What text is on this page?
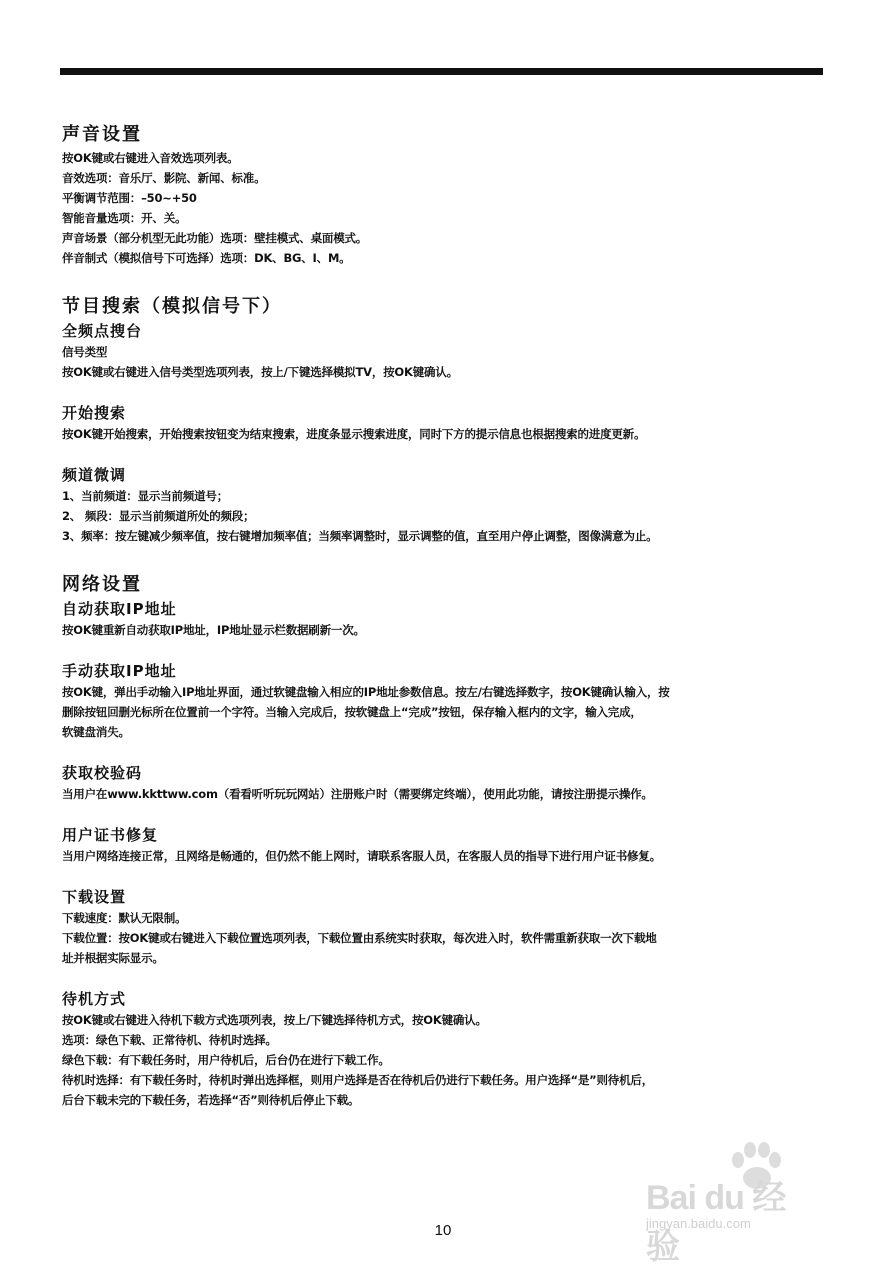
声音设置
按OK键或右键进入音效选项列表。
音效选项：音乐厅、影院、新闻、标准。
平衡调节范围：–50~+50
智能音量选项：开、关。
声音场景（部分机型无此功能）选项：壁挂模式、桌面模式。
伴音制式（模拟信号下可选择）选项：DK、BG、I、M。
节目搜索（模拟信号下）
全频点搜台
信号类型
按OK键或右键进入信号类型选项列表，按上/下键选择模拟TV，按OK键确认。
开始搜索
按OK键开始搜索，开始搜索按钮变为结束搜索，进度条显示搜索进度，同时下方的提示信息也根据搜索的进度更新。
频道微调
1、当前频道：显示当前频道号；
2、 频段：显示当前频道所处的频段；
3、频率：按左键减少频率值，按右键增加频率值；当频率调整时，显示调整的值，直至用户停止调整，图像满意为止。
网络设置
自动获取IP地址
按OK键重新自动获取IP地址，IP地址显示栏数据刷新一次。
手动获取IP地址
按OK键，弹出手动输入IP地址界面，通过软键盘输入相应的IP地址参数信息。按左/右键选择数字，按OK键确认输入，按
删除按钮回删光标所在位置前一个字符。当输入完成后，按软键盘上“完成”按钮，保存输入框内的文字，输入完成，
软键盘消失。
获取校验码
当用户在www.kkttww.com（看看听听玩玩网站）注册账户时（需要绑定终端），使用此功能，请按注册提示操作。
用户证书修复
当用户网络连接正常，且网络是畅通的，但仍然不能上网时，请联系客服人员，在客服人员的指导下进行用户证书修复。
下载设置
下载速度：默认无限制。
下载位置：按OK键或右键进入下载位置选项列表，下载位置由系统实时获取，每次进入时，软件需重新获取一次下载地
址并根据实际显示。
待机方式
按OK键或右键进入待机下载方式选项列表，按上/下键选择待机方式，按OK键确认。
选项：绿色下载、正常待机、待机时选择。
绿色下载：有下载任务时，用户待机后，后台仍在进行下载工作。
待机时选择：有下载任务时，待机时弹出选择框，则用户选择是否在待机后仍进行下载任务。用户选择“是”则待机后，
后台下载未完的下载任务，若选择“否”则待机后停止下载。
Bai du 经验
jingyan.baidu.com
10
